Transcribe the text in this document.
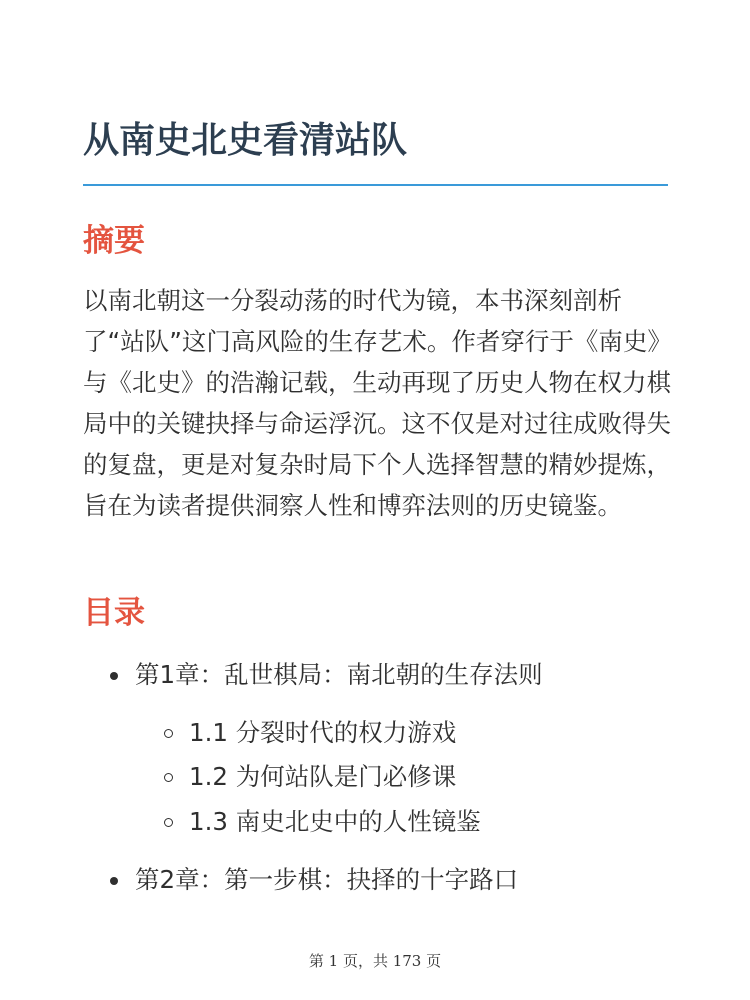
从南史北史看清站队
摘要

以南北朝这一分裂动荡的时代为镜，本书深刻剖析了“站队”这门高风险的生存艺术。作者穿行于《南史》与《北史》的浩瀚记载，生动再现了历史人物在权力棋局中的关键抉择与命运浮沉。这不仅是对过往成败得失的复盘，更是对复杂时局下个人选择智慧的精妙提炼，旨在为读者提供洞察人性和博弈法则的历史镜鉴。

目录
第1章：乱世棋局：南北朝的生存法则
1.1 分裂时代的权力游戏
1.2 为何站队是门必修课
1.3 南史北史中的人性镜鉴
第2章：第一步棋：抉择的十字路口
第 1 页，共 173 页
